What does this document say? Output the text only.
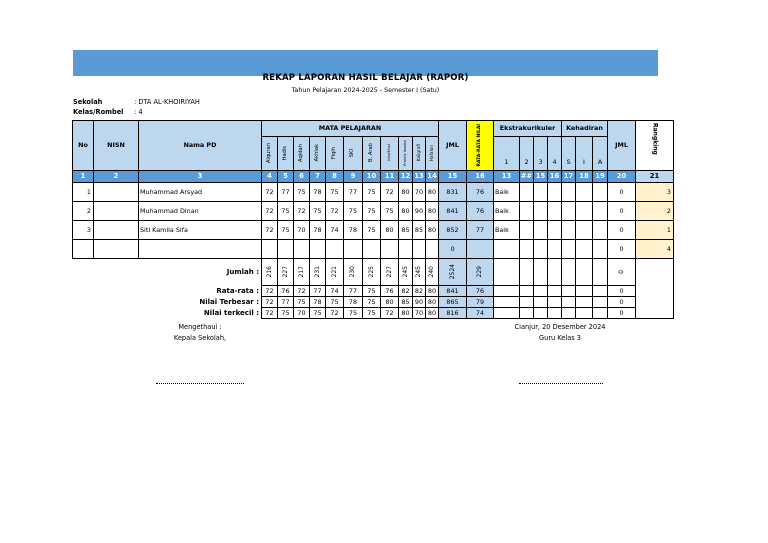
REKAP LAPORAN HASIL BELAJAR (RAPOR)
Tahun Pelajaran 2024-2025 - Semester I (Satu)
Sekolah	: DTA AL-KHOIRIYAH
Kelas/Rombel : 4
No	NISN	Nama PD	MATA PELAJARAN											JML	RATA-RATA NILAI	Ekstrakurikuler				Kehadiran			JML	Rangking
			Alquran	Hadis	Aqidah	Akhlak	Fiqih	SKI	B. Arab	Imla/Khat	Praktik Ibadah	Kaligrafi	Hafalan											
																1	2	3	4	S	I	A		
1	2	3	4	5	6	7	8	9	10	11	12	13	14	15	16	13	##	15	16	17	18	19	20	21
1		Muhammad Arsyad	72	77	75	78	75	77	75	72	80	70	80	831	76	Baik							0	3
2		Muhammad Dinan	72	75	72	75	72	75	75	75	80	90	80	841	76	Baik							0	2
3		Siti Kamila Sifa	72	75	70	78	74	78	75	80	85	85	80	852	77	Baik							0	1
														0									0	4
Jumlah :			216	227	217	231	221	230	225	227	245	245	240	2524	229								0	
Rata-rata :			72	76	72	77	74	77	75	76	82	82	80	841	76								0	
Nilai Terbesar :			72	77	75	78	75	78	75	80	85	90	80	865	79								0	
Nilai terkecil :			72	75	70	75	72	75	75	72	80	70	80	816	74								0	
Mengethaui :
Kepala Sekolah,
Cianjur, 20 Desember 2024
Guru Kelas 3
